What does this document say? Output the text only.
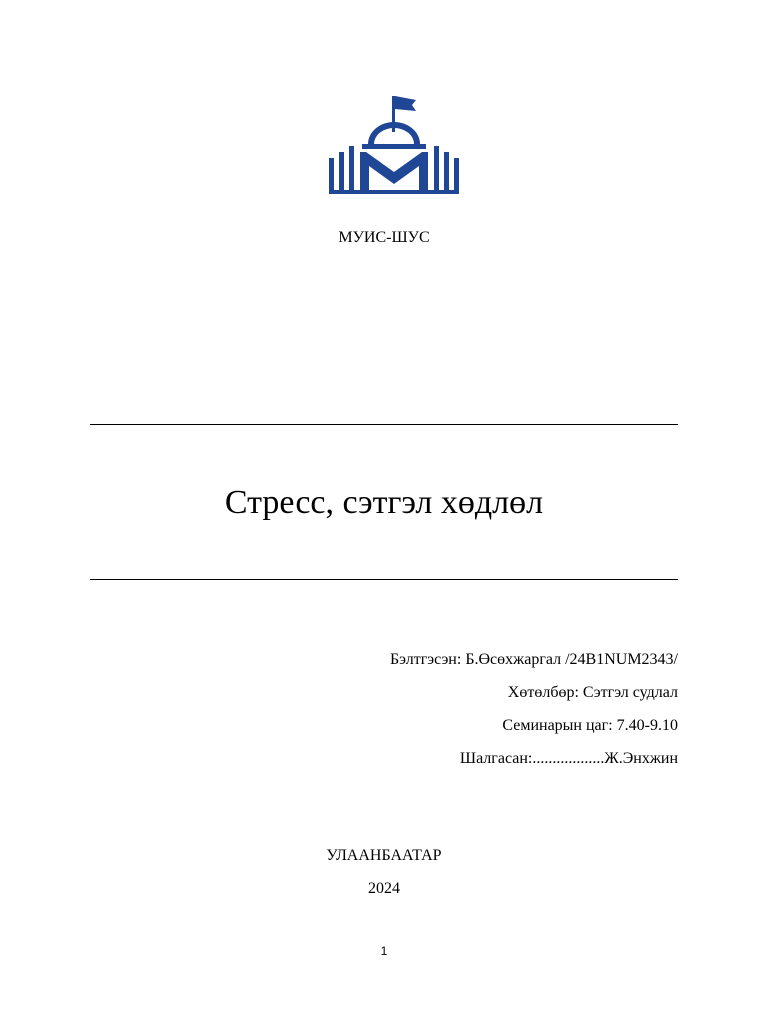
МУИС-ШУС
Стресс, сэтгэл хөдлөл
Бэлтгэсэн: Б.Өсөхжаргал /24B1NUM2343/
Хөтөлбөр: Сэтгэл судлал
Семинарын цаг: 7.40-9.10
Шалгасан:..................Ж.Энхжин
УЛААНБААТАР
2024
1
